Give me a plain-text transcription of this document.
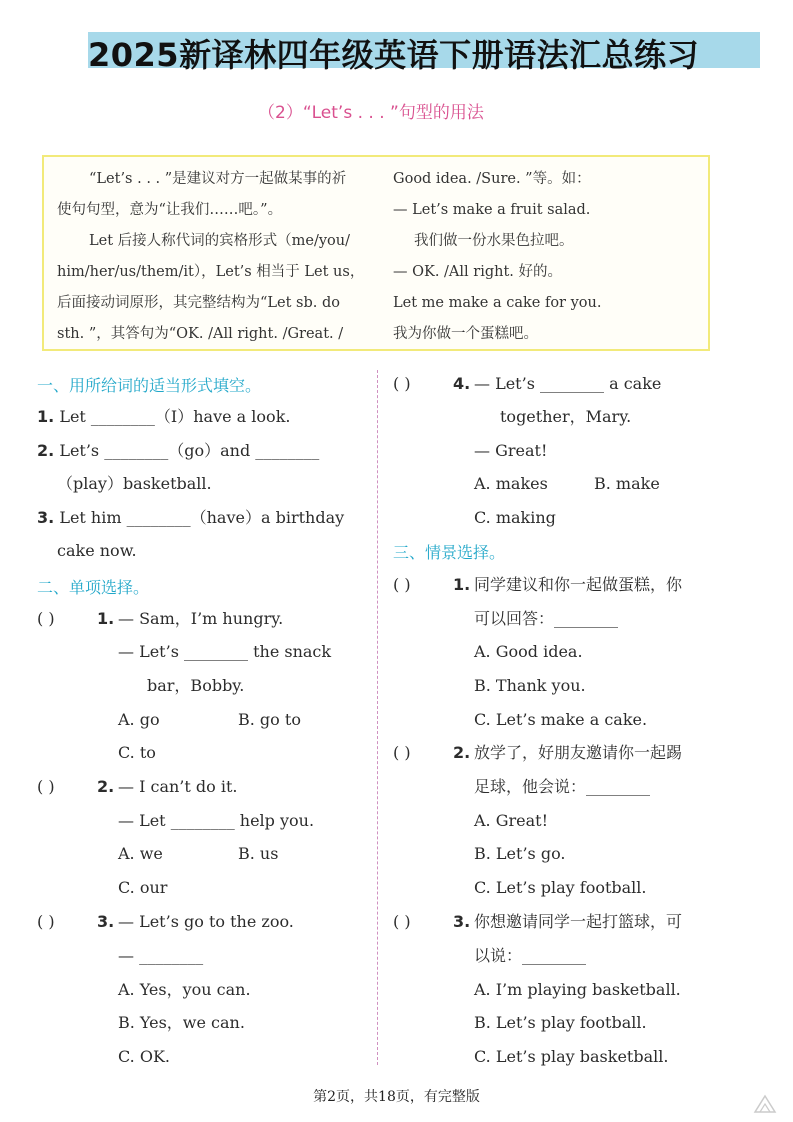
2025新译林四年级英语下册语法汇总练习
（2）“Let’s . . . ”句型的用法
“Let’s . . . ”是建议对方一起做某事的祈
使句句型，意为“让我们……吧。”。
Let 后接人称代词的宾格形式（me/you/
him/her/us/them/it），Let’s 相当于 Let us，
后面接动词原形，其完整结构为“Let sb. do
sth. ”，其答句为“OK. /All right. /Great. /
Good idea. /Sure. ”等。如：
— Let’s make a fruit salad.
我们做一份水果色拉吧。
— OK. /All right. 好的。
Let me make a cake for you.
我为你做一个蛋糕吧。
一、用所给词的适当形式填空。
1. Let ________（I）have a look.
2. Let’s ________（go）and ________
（play）basketball.
3. Let him ________（have）a birthday
cake now.
二、单项选择。
( )	1. — Sam，I’m hungry.
— Let’s ________ the snack
bar，Bobby.
A. go	B. go to
C. to
( )	2. — I can’t do it.
— Let ________ help you.
A. we	B. us
C. our
( )	3. — Let’s go to the zoo.
— ________
A. Yes，you can.
B. Yes，we can.
C. OK.
( )	4. — Let’s ________ a cake
together，Mary.
— Great!
A. makes	B. make
C. making
三、情景选择。
( )	1. 同学建议和你一起做蛋糕，你
可以回答：________
A. Good idea.
B. Thank you.
C. Let’s make a cake.
( )	2. 放学了，好朋友邀请你一起踢
足球，他会说：________
A. Great!
B. Let’s go.
C. Let’s play football.
( )	3. 你想邀请同学一起打篮球，可
以说：________
A. I’m playing basketball.
B. Let’s play football.
C. Let’s play basketball.
第2页，共18页，有完整版
